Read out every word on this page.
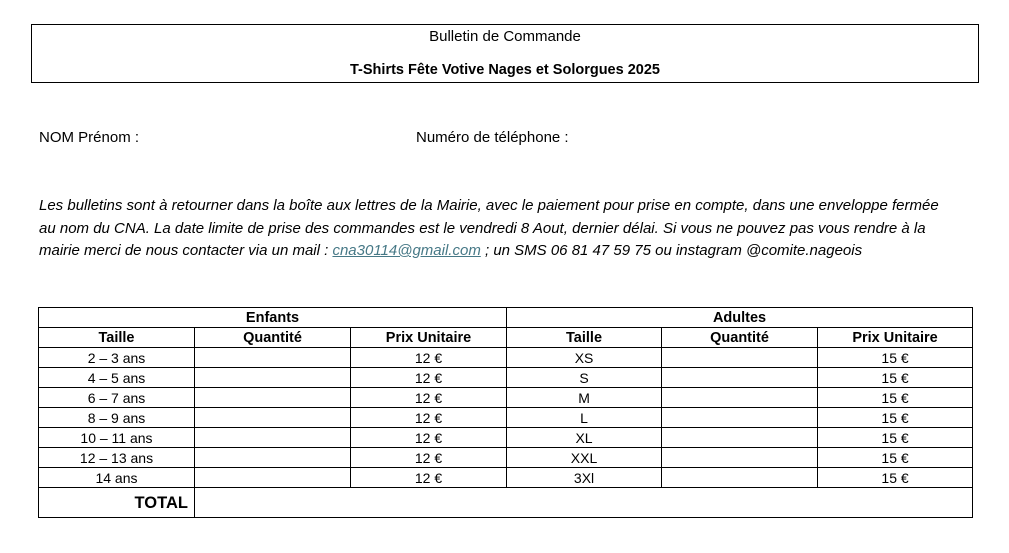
Bulletin de Commande
T-Shirts Fête Votive Nages et Solorgues 2025
NOM Prénom :	Numéro de téléphone :
Les bulletins sont à retourner dans la boîte aux lettres de la Mairie, avec le paiement pour prise en compte, dans une enveloppe fermée
au nom du CNA. La date limite de prise des commandes est le vendredi 8 Aout, dernier délai. Si vous ne pouvez pas vous rendre à la
mairie merci de nous contacter via un mail : cna30114@gmail.com ; un SMS 06 81 47 59 75 ou instagram @comite.nageois
Enfants			Adultes		
Taille	Quantité	Prix Unitaire	Taille	Quantité	Prix Unitaire
2 – 3 ans		12 €	XS		15 €
4 – 5 ans		12 €	S		15 €
6 – 7 ans		12 €	M		15 €
8 – 9 ans		12 €	L		15 €
10 – 11 ans		12 €	XL		15 €
12 – 13 ans		12 €	XXL		15 €
14 ans		12 €	3Xl		15 €
TOTAL					
